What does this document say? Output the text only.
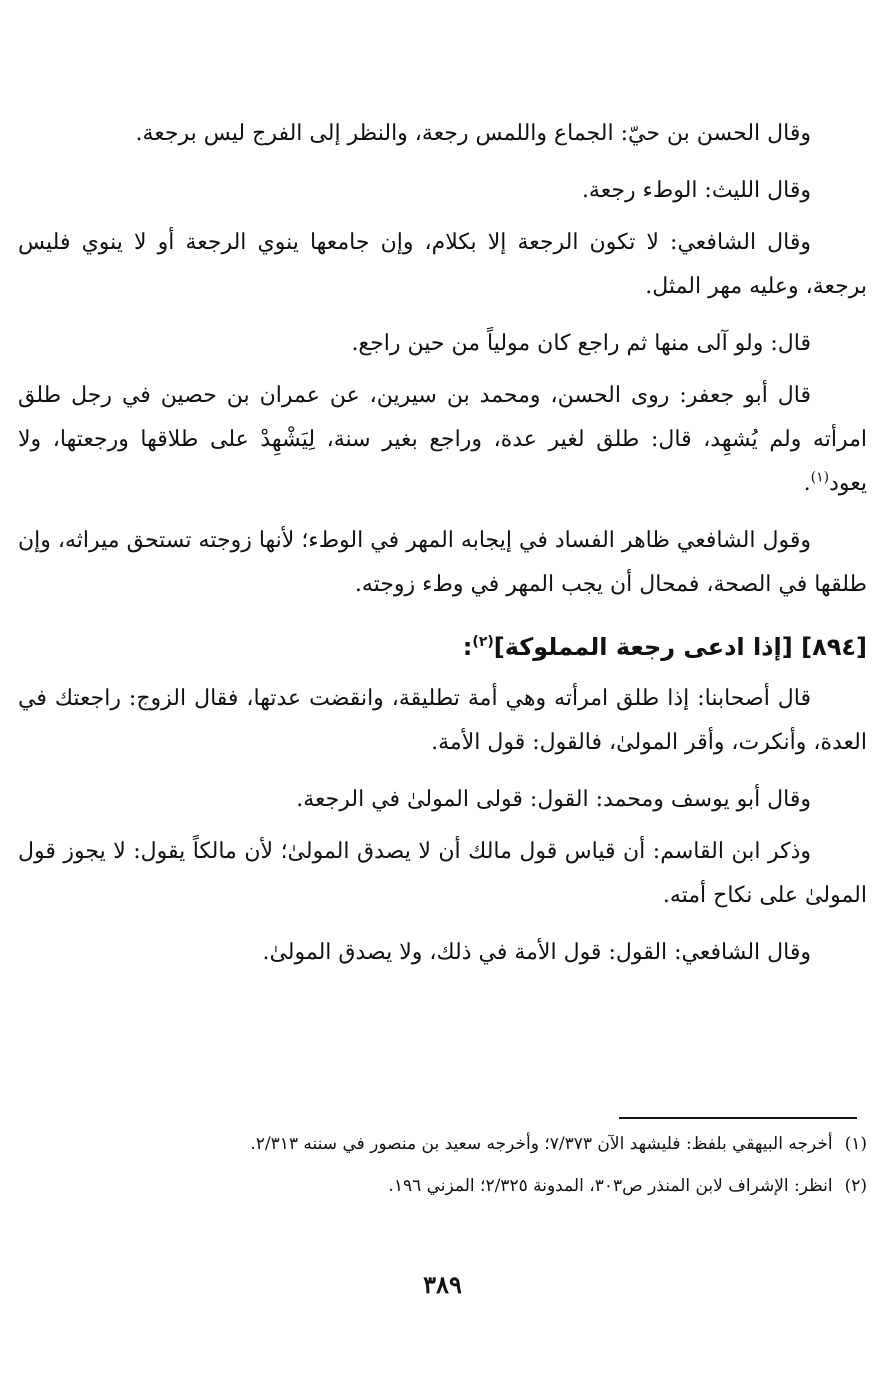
وقال الحسن بن حيّ: الجماع واللمس رجعة، والنظر إلى الفرج ليس برجعة.

وقال الليث: الوطء رجعة.

وقال الشافعي: لا تكون الرجعة إلا بكلام، وإن جامعها ينوي الرجعة أو لا ينوي فليس برجعة، وعليه مهر المثل.

قال: ولو آلى منها ثم راجع كان مولياً من حين راجع.

قال أبو جعفر: روى الحسن، ومحمد بن سيرين، عن عمران بن حصين في رجل طلق امرأته ولم يُشهِد، قال: طلق لغير عدة، وراجع بغير سنة، لِيَشْهِدْ على طلاقها ورجعتها، ولا يعود$^{(١)}$.

وقول الشافعي ظاهر الفساد في إيجابه المهر في الوطء؛ لأنها زوجته تستحق ميراثه، وإن طلقها في الصحة، فمحال أن يجب المهر في وطء زوجته.

[٨٩٤] [إذا ادعى رجعة المملوكة]$^{(٢)}$:

قال أصحابنا: إذا طلق امرأته وهي أمة تطليقة، وانقضت عدتها، فقال الزوج: راجعتك في العدة، وأنكرت، وأقر المولىٰ، فالقول: قول الأمة.

وقال أبو يوسف ومحمد: القول: قولى المولىٰ في الرجعة.

وذكر ابن القاسم: أن قياس قول مالك أن لا يصدق المولىٰ؛ لأن مالكاً يقول: لا يجوز قول المولىٰ على نكاح أمته.

وقال الشافعي: القول: قول الأمة في ذلك، ولا يصدق المولىٰ.

(١)أخرجه البيهقي بلفظ: فليشهد الآن ٧/٣٧٣؛ وأخرجه سعيد بن منصور في سننه ٢/٣١٣.

(٢)انظر: الإشراف لابن المنذر ص٣٠٣، المدونة ٢/٣٢٥؛ المزني ١٩٦.

٣٨٩
